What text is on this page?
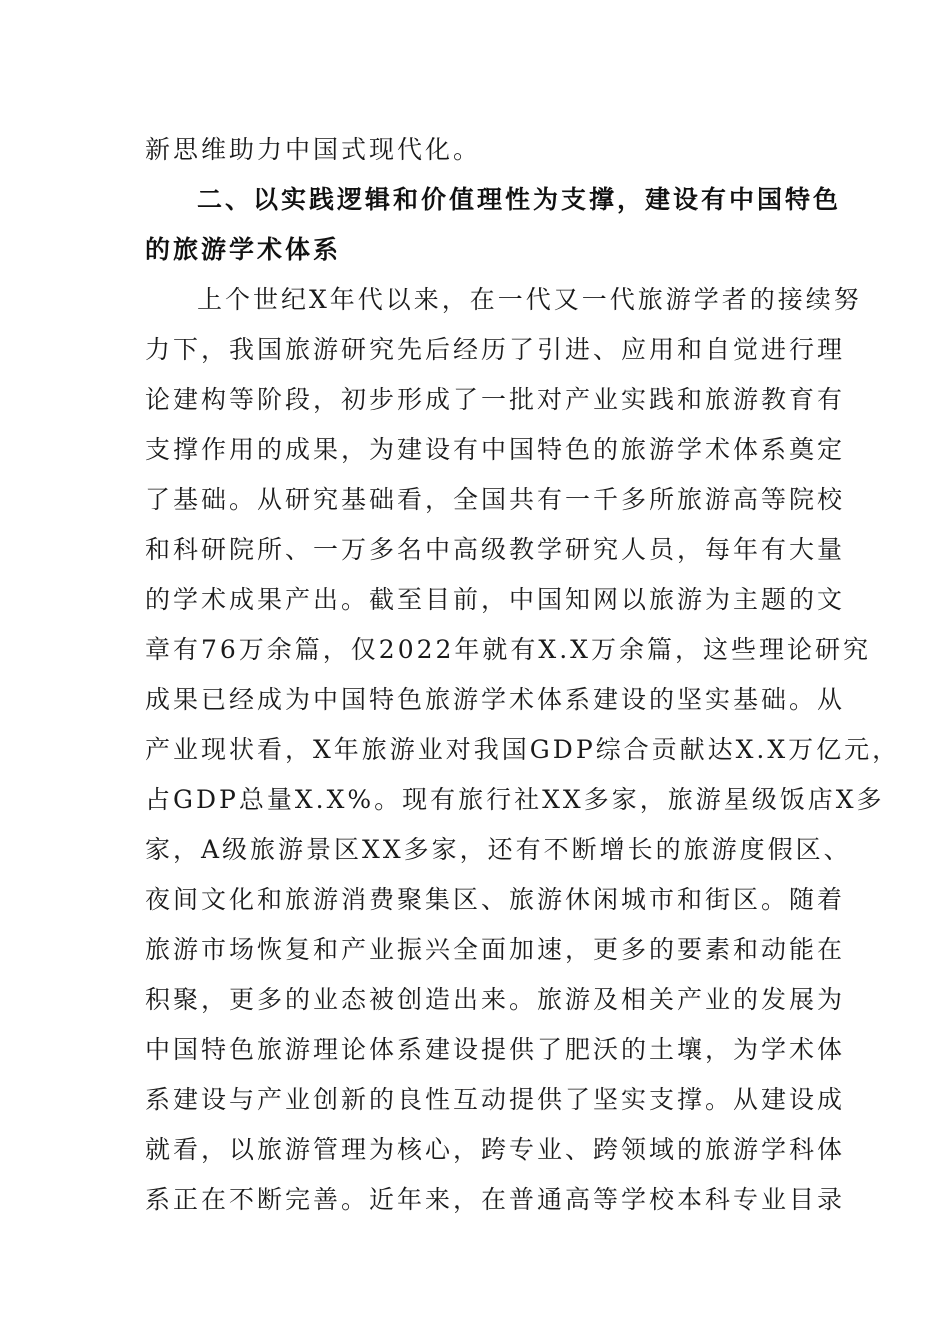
新思维助力中国式现代化。
二、以实践逻辑和价值理性为支撑，建设有中国特色
的旅游学术体系
上个世纪X年代以来，在一代又一代旅游学者的接续努
力下，我国旅游研究先后经历了引进、应用和自觉进行理
论建构等阶段，初步形成了一批对产业实践和旅游教育有
支撑作用的成果，为建设有中国特色的旅游学术体系奠定
了基础。从研究基础看，全国共有一千多所旅游高等院校
和科研院所、一万多名中高级教学研究人员，每年有大量
的学术成果产出。截至目前，中国知网以旅游为主题的文
章有76万余篇，仅2022年就有X.X万余篇，这些理论研究
成果已经成为中国特色旅游学术体系建设的坚实基础。从
产业现状看，X年旅游业对我国GDP综合贡献达X.X万亿元，
占GDP总量X.X%。现有旅行社XX多家，旅游星级饭店X多
家，A级旅游景区XX多家，还有不断增长的旅游度假区、
夜间文化和旅游消费聚集区、旅游休闲城市和街区。随着
旅游市场恢复和产业振兴全面加速，更多的要素和动能在
积聚，更多的业态被创造出来。旅游及相关产业的发展为
中国特色旅游理论体系建设提供了肥沃的土壤，为学术体
系建设与产业创新的良性互动提供了坚实支撑。从建设成
就看，以旅游管理为核心，跨专业、跨领域的旅游学科体
系正在不断完善。近年来，在普通高等学校本科专业目录
